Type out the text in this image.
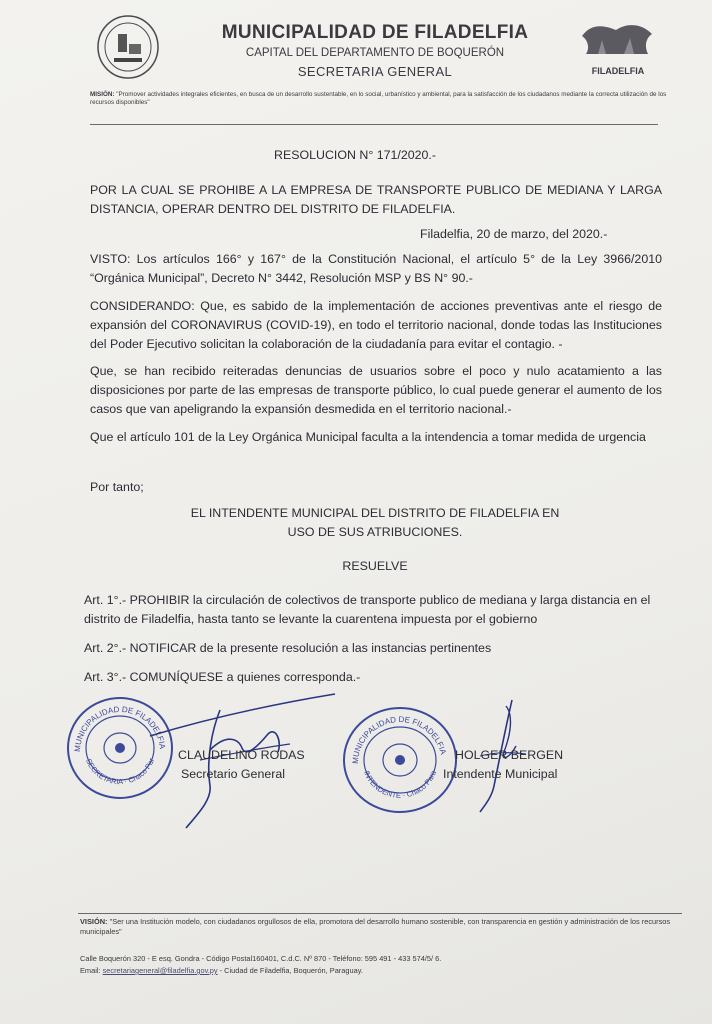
FILADELFIA
MUNICIPALIDAD DE FILADELFIA
CAPITAL DEL DEPARTAMENTO DE BOQUERÓN
SECRETARIA GENERAL
MISIÓN: "Promover actividades integrales eficientes, en busca de un desarrollo sustentable, en lo social, urbanístico y ambiental, para la satisfacción de los ciudadanos mediante la correcta utilización de los recursos disponibles"
RESOLUCION N° 171/2020.-
POR LA CUAL SE PROHIBE A LA EMPRESA DE TRANSPORTE PUBLICO DE MEDIANA Y LARGA DISTANCIA, OPERAR DENTRO DEL DISTRITO DE FILADELFIA.
Filadelfia, 20 de marzo, del 2020.-
VISTO: Los artículos 166° y 167° de la Constitución Nacional, el artículo 5° de la Ley 3966/2010 “Orgánica Municipal”, Decreto N° 3442, Resolución MSP y BS N° 90.-
CONSIDERANDO: Que, es sabido de la implementación de acciones preventivas ante el riesgo de expansión del CORONAVIRUS (COVID-19), en todo el territorio nacional, donde todas las Instituciones del Poder Ejecutivo solicitan la colaboración de la ciudadanía para evitar el contagio. -
Que, se han recibido reiteradas denuncias de usuarios sobre el poco y nulo acatamiento a las disposiciones por parte de las empresas de transporte público, lo cual puede generar el aumento de los casos que van apeligrando la expansión desmedida en el territorio nacional.-
Que el artículo 101 de la Ley Orgánica Municipal faculta a la intendencia a tomar medida de urgencia
Por tanto;
EL INTENDENTE MUNICIPAL DEL DISTRITO DE FILADELFIA EN
USO DE SUS ATRIBUCIONES.
RESUELVE
Art. 1°.- PROHIBIR la circulación de colectivos de transporte publico de mediana y larga distancia en el distrito de Filadelfia, hasta tanto se levante la cuarentena impuesta por el gobierno
Art. 2°.- NOTIFICAR de la presente resolución a las instancias pertinentes
Art. 3°.- COMUNÍQUESE a quienes corresponda.-
MUNICIPALIDAD DE FILADELFIA
SECRETARIA · Chaco Paraguayo
CLAUDELINO RODAS
Secretario General
MUNICIPALIDAD DE FILADELFIA
INTENDENTE · Chaco Paraguayo
HOLGER BERGEN
Intendente Municipal
VISIÓN: "Ser una Institución modelo, con ciudadanos orgullosos de ella, promotora del desarrollo humano sostenible, con transparencia en gestión y administración de los recursos municipales"
Calle Boquerón 320 - E esq. Gondra - Código Postal160401, C.d.C. Nº 870 - Teléfono: 595 491 - 433 574/5/ 6.
Email: secretariageneral@filadelfia.gov.py - Ciudad de Filadelfia, Boquerón, Paraguay.
